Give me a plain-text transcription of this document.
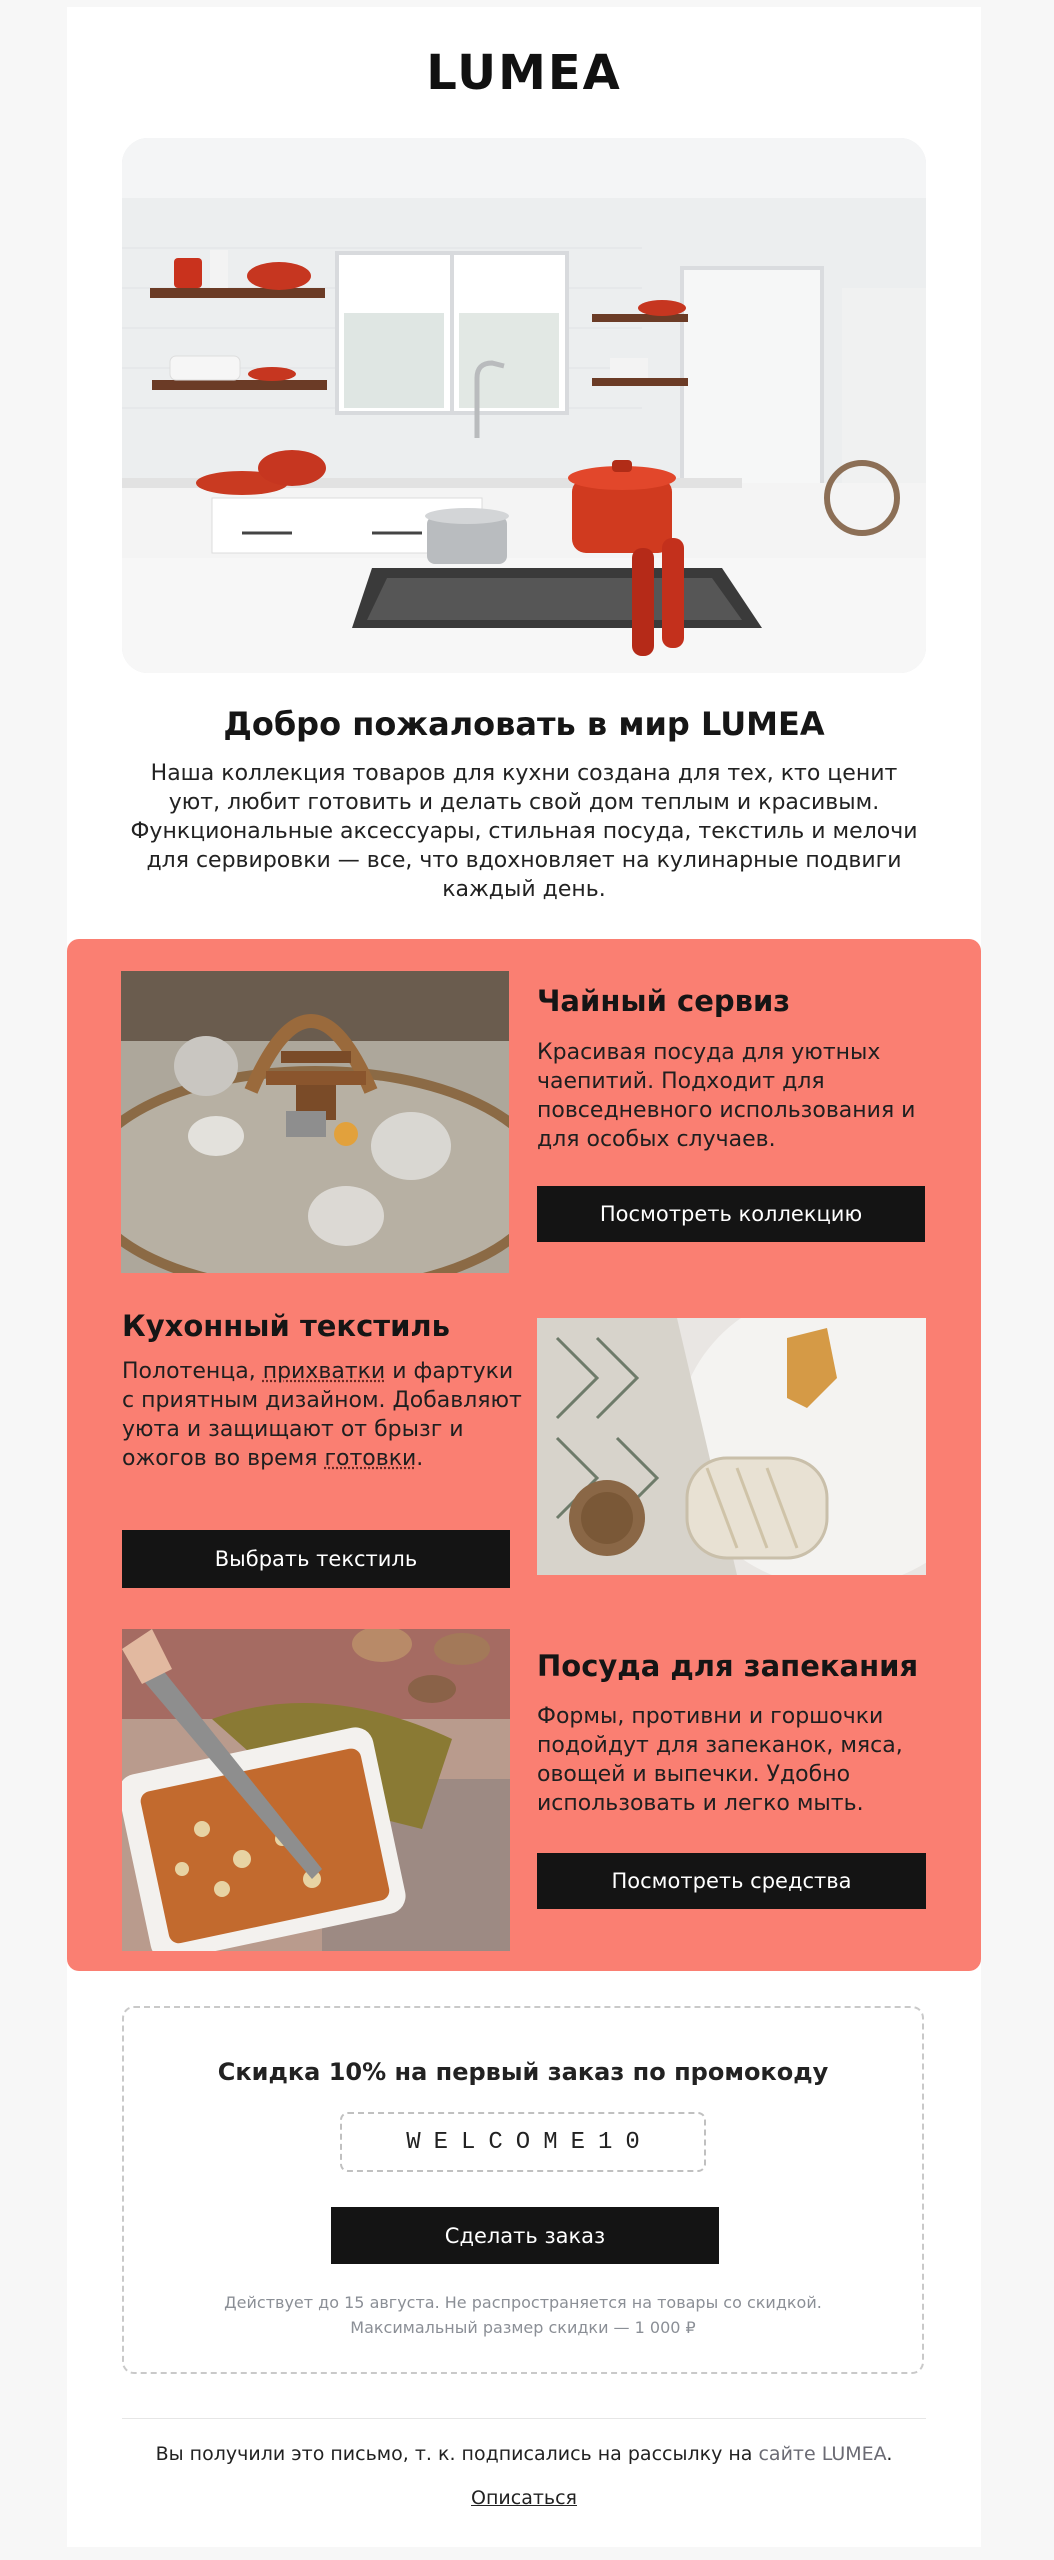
LUMEA
Добро пожаловать в мир LUMEA
Наша коллекция товаров для кухни создана для тех, кто ценит уют, любит готовить и делать свой дом теплым и красивым. Функциональные аксессуары, стильная посуда, текстиль и мелочи для сервировки — все, что вдохновляет на кулинарные подвиги каждый день.
Чайный сервиз
Красивая посуда для уютных чаепитий. Подходит для повседневного использования и для особых случаев.
Посмотреть коллекцию
Кухонный текстиль
Полотенца, прихватки и фартуки с приятным дизайном. Добавляют уюта и защищают от брызг и ожогов во время готовки.
Выбрать текстиль
Посуда для запекания
Формы, противни и горшочки подойдут для запеканок, мяса, овощей и выпечки. Удобно использовать и легко мыть.
Посмотреть средства
Скидка 10% на первый заказ по промокоду
WELCOME10
Сделать заказ
Действует до 15 августа. Не распространяется на товары со скидкой.
Максимальный размер скидки — 1 000 ₽
Вы получили это письмо, т. к. подписались на рассылку на сайте LUMEA.
Описаться
